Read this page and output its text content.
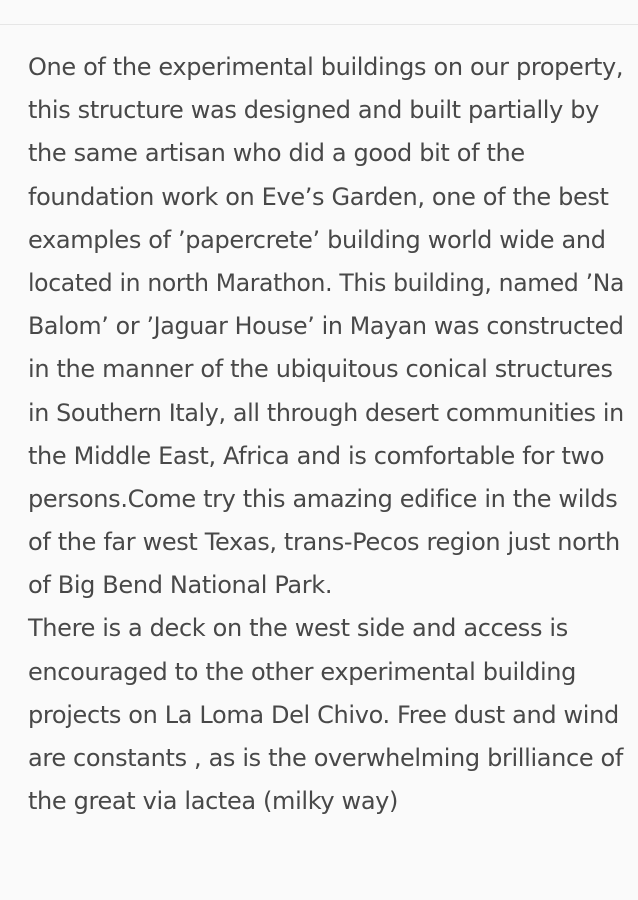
One of the experimental buildings on our property,
this structure was designed and built partially by
the same artisan who did a good bit of the
foundation work on Eve’s Garden, one of the best
examples of ’papercrete’ building world wide and
located in north Marathon. This building, named ’Na
Balom’ or ’Jaguar House’ in Mayan was constructed
in the manner of the ubiquitous conical structures
in Southern Italy, all through desert communities in
the Middle East, Africa and is comfortable for two
persons.Come try this amazing edifice in the wilds
of the far west Texas, trans-Pecos region just north
of Big Bend National Park.
There is a deck on the west side and access is
encouraged to the other experimental building
projects on La Loma Del Chivo. Free dust and wind
are constants , as is the overwhelming brilliance of
the great via lactea (milky way)
